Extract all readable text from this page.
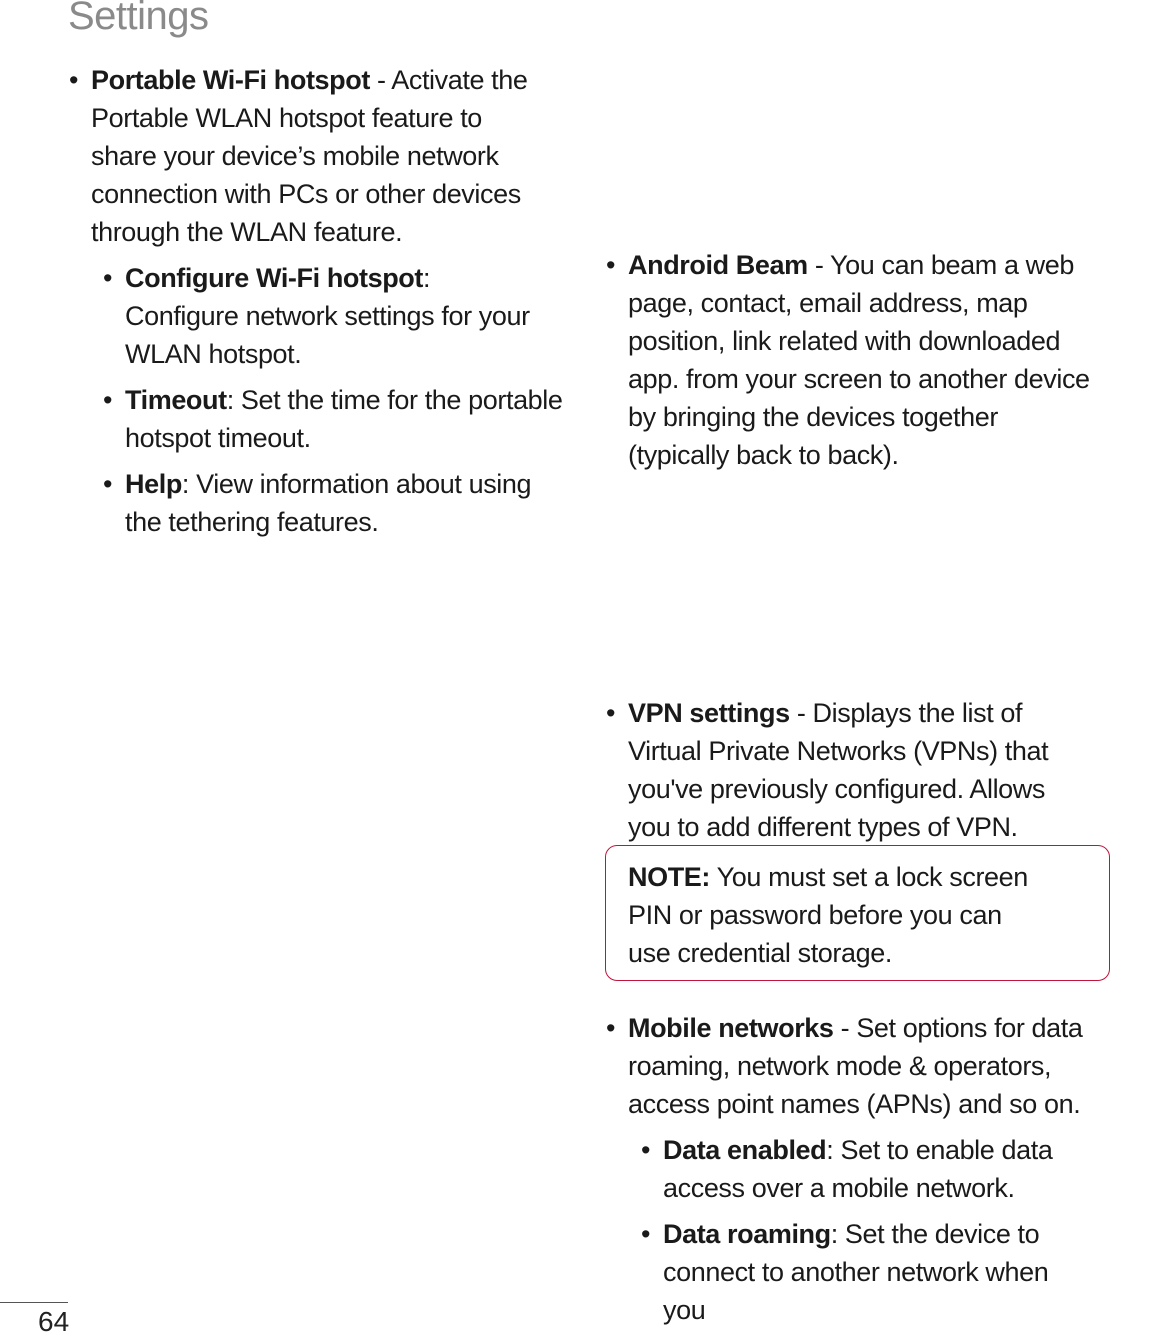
Settings
• Portable Wi-Fi hotspot - Activate the Portable WLAN hotspot feature to share your device’s mobile network connection with PCs or other devices through the WLAN feature.
• Configure Wi-Fi hotspot: Configure network settings for your WLAN hotspot.
• Timeout: Set the time for the portable hotspot timeout.
• Help: View information about using the tethering features.
• Android Beam - You can beam a web page, contact, email address, map position, link related with downloaded app. from your screen to another device by bringing the devices together (typically back to back).
• VPN settings - Displays the list of Virtual Private Networks (VPNs) that you've previously configured. Allows you to add different types of VPN.
NOTE: You must set a lock screen PIN or password before you can use credential storage.
• Mobile networks - Set options for data roaming, network mode & operators, access point names (APNs) and so on.
• Data enabled: Set to enable data access over a mobile network.
• Data roaming: Set the device to connect to another network when you
64
